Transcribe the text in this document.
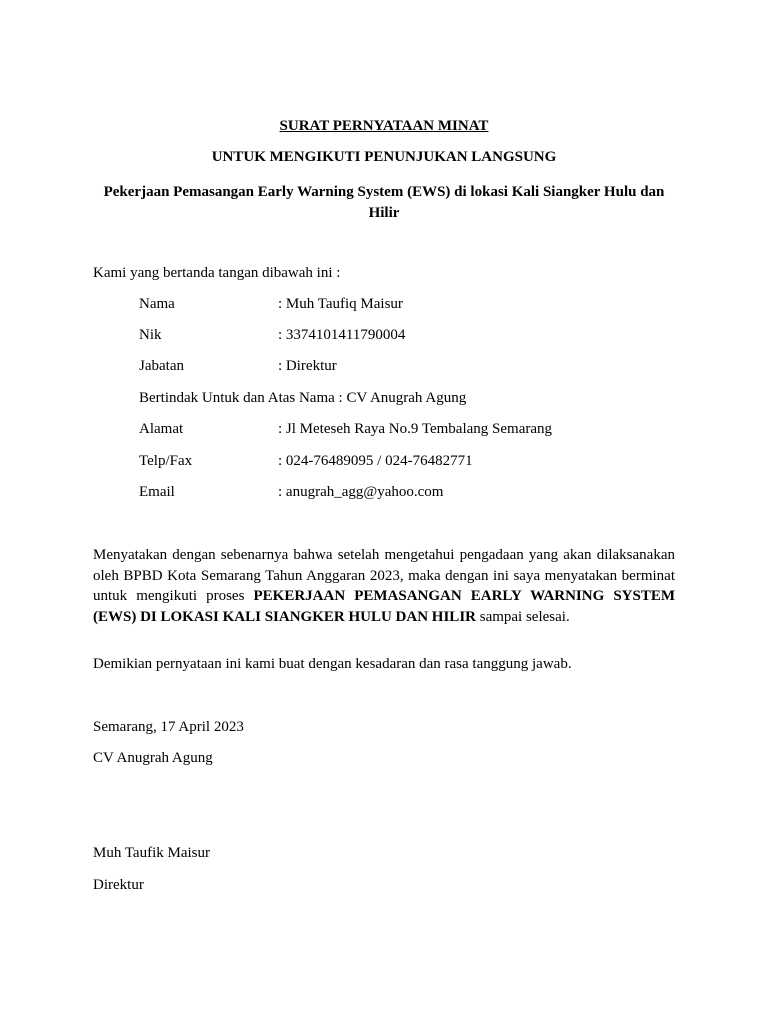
SURAT PERNYATAAN MINAT
UNTUK MENGIKUTI PENUNJUKAN LANGSUNG
Pekerjaan Pemasangan Early Warning System (EWS) di lokasi Kali Siangker Hulu dan Hilir
Kami yang bertanda tangan dibawah ini :
Nama	: Muh Taufiq Maisur
Nik	: 3374101411790004
Jabatan	: Direktur
Bertindak Untuk dan Atas Nama : CV Anugrah Agung
Alamat	: Jl Meteseh Raya No.9 Tembalang Semarang
Telp/Fax	: 024-76489095 / 024-76482771
Email	: anugrah_agg@yahoo.com
Menyatakan dengan sebenarnya bahwa setelah mengetahui pengadaan yang akan dilaksanakan oleh BPBD Kota Semarang Tahun Anggaran 2023, maka dengan ini saya menyatakan berminat untuk mengikuti proses PEKERJAAN PEMASANGAN EARLY WARNING SYSTEM (EWS) DI LOKASI KALI SIANGKER HULU DAN HILIR sampai selesai.
Demikian pernyataan ini kami buat dengan kesadaran dan rasa tanggung jawab.
Semarang, 17 April 2023
CV Anugrah Agung
Muh Taufik Maisur
Direktur
